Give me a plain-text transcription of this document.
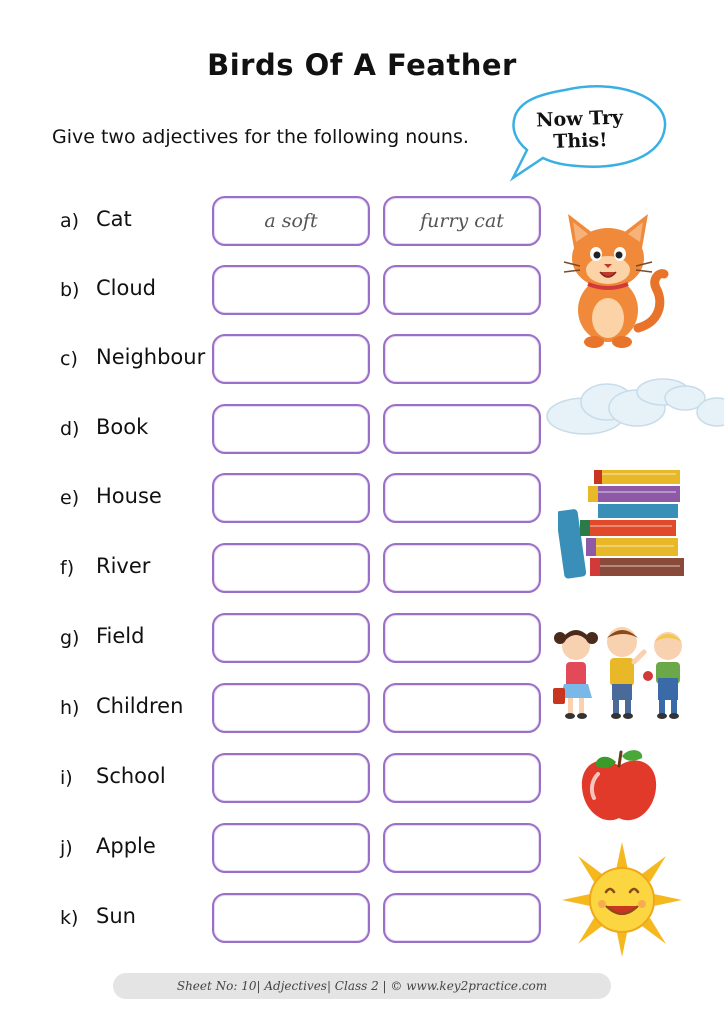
Birds Of A Feather
Give two adjectives for the following nouns.
Now Try
This!
a) Cat	a soft	furry cat
b) Cloud
c) Neighbour
d) Book
e) House
f) River
g) Field
h) Children
i) School
j) Apple
k) Sun
Sheet No: 10| Adjectives| Class 2 | © www.key2practice.com
